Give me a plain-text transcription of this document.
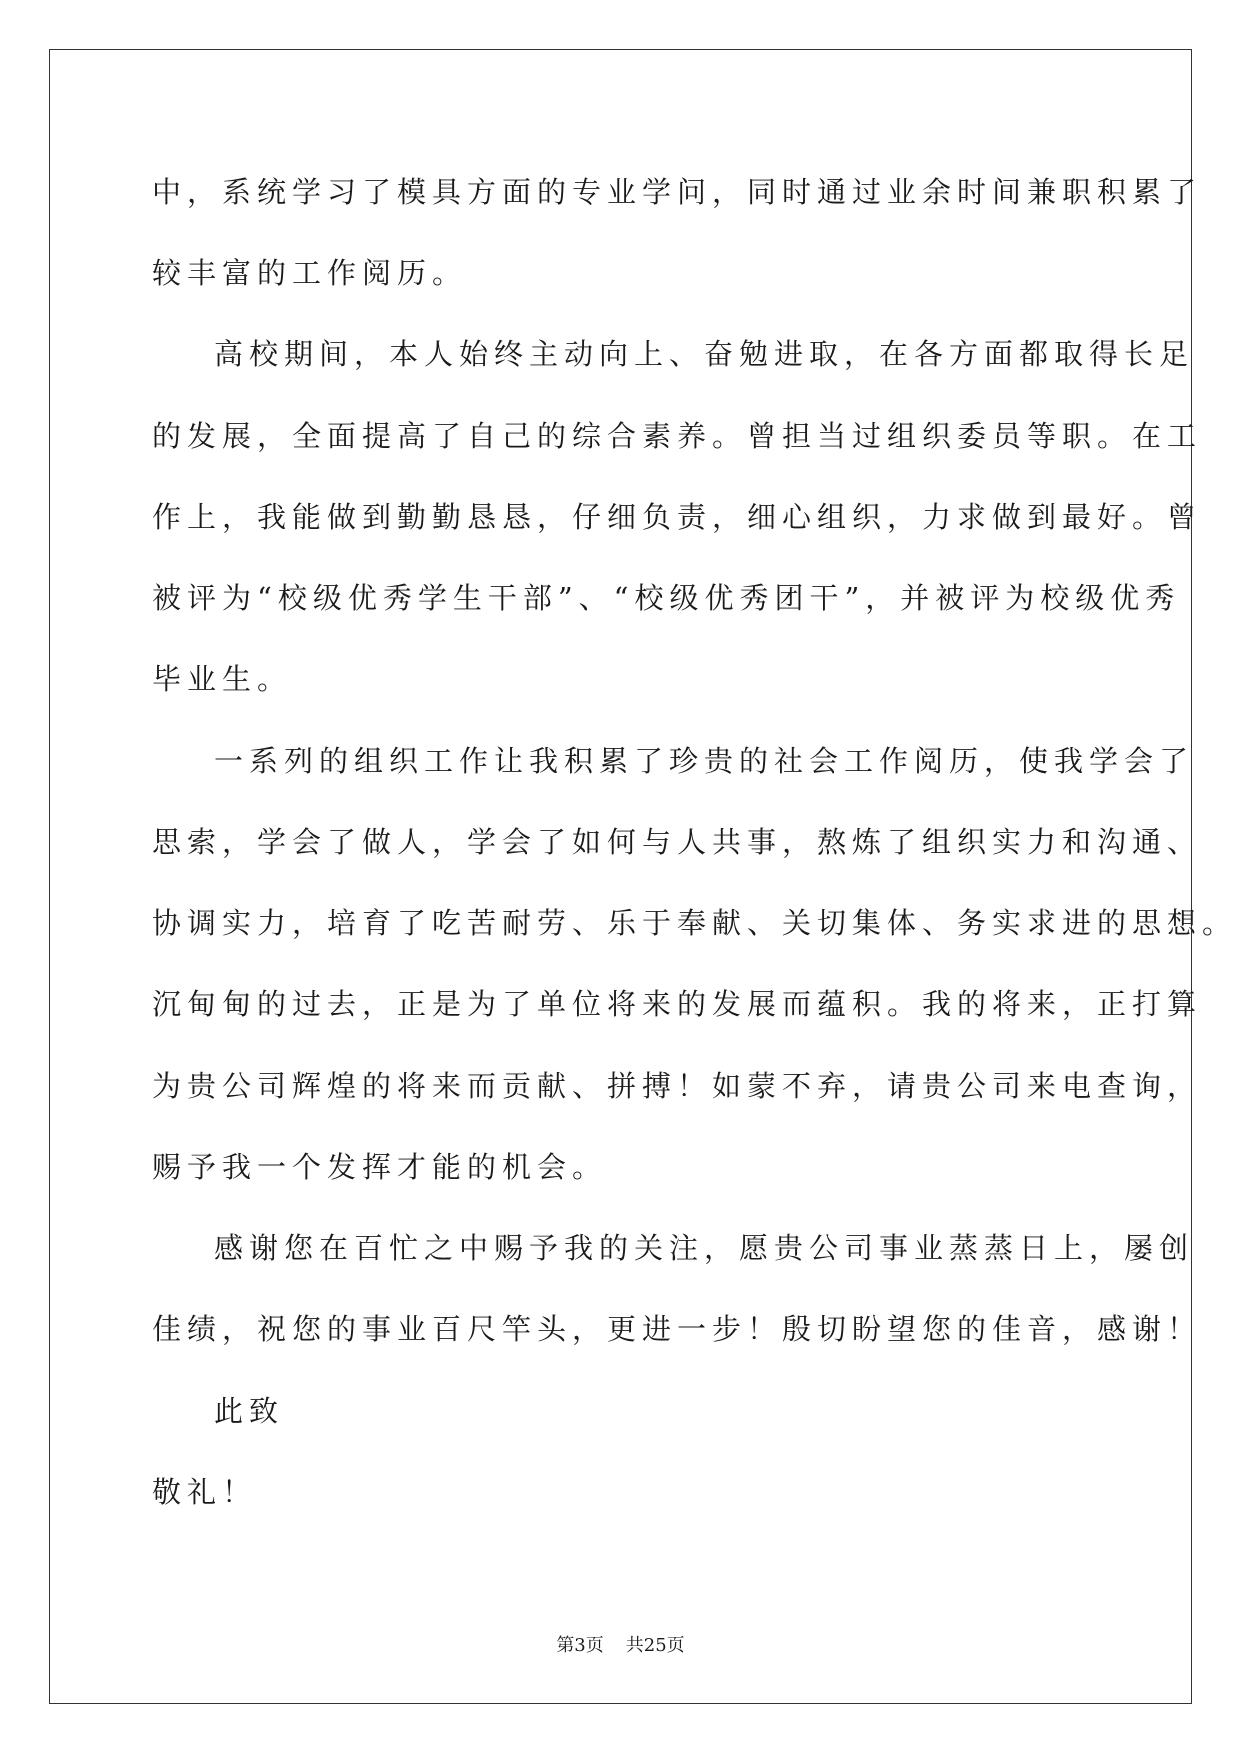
中，系统学习了模具方面的专业学问，同时通过业余时间兼职积累了

较丰富的工作阅历。

高校期间，本人始终主动向上、奋勉进取，在各方面都取得长足

的发展，全面提高了自己的综合素养。曾担当过组织委员等职。在工

作上，我能做到勤勤恳恳，仔细负责，细心组织，力求做到最好。曾

被评为“校级优秀学生干部”、“校级优秀团干”，并被评为校级优秀

毕业生。

一系列的组织工作让我积累了珍贵的社会工作阅历，使我学会了

思索，学会了做人，学会了如何与人共事，熬炼了组织实力和沟通、

协调实力，培育了吃苦耐劳、乐于奉献、关切集体、务实求进的思想。

沉甸甸的过去，正是为了单位将来的发展而蕴积。我的将来，正打算

为贵公司辉煌的将来而贡献、拼搏！如蒙不弃，请贵公司来电查询，

赐予我一个发挥才能的机会。

感谢您在百忙之中赐予我的关注，愿贵公司事业蒸蒸日上，屡创

佳绩，祝您的事业百尺竿头，更进一步！殷切盼望您的佳音，感谢！

此致

敬礼！

第3页 共25页
